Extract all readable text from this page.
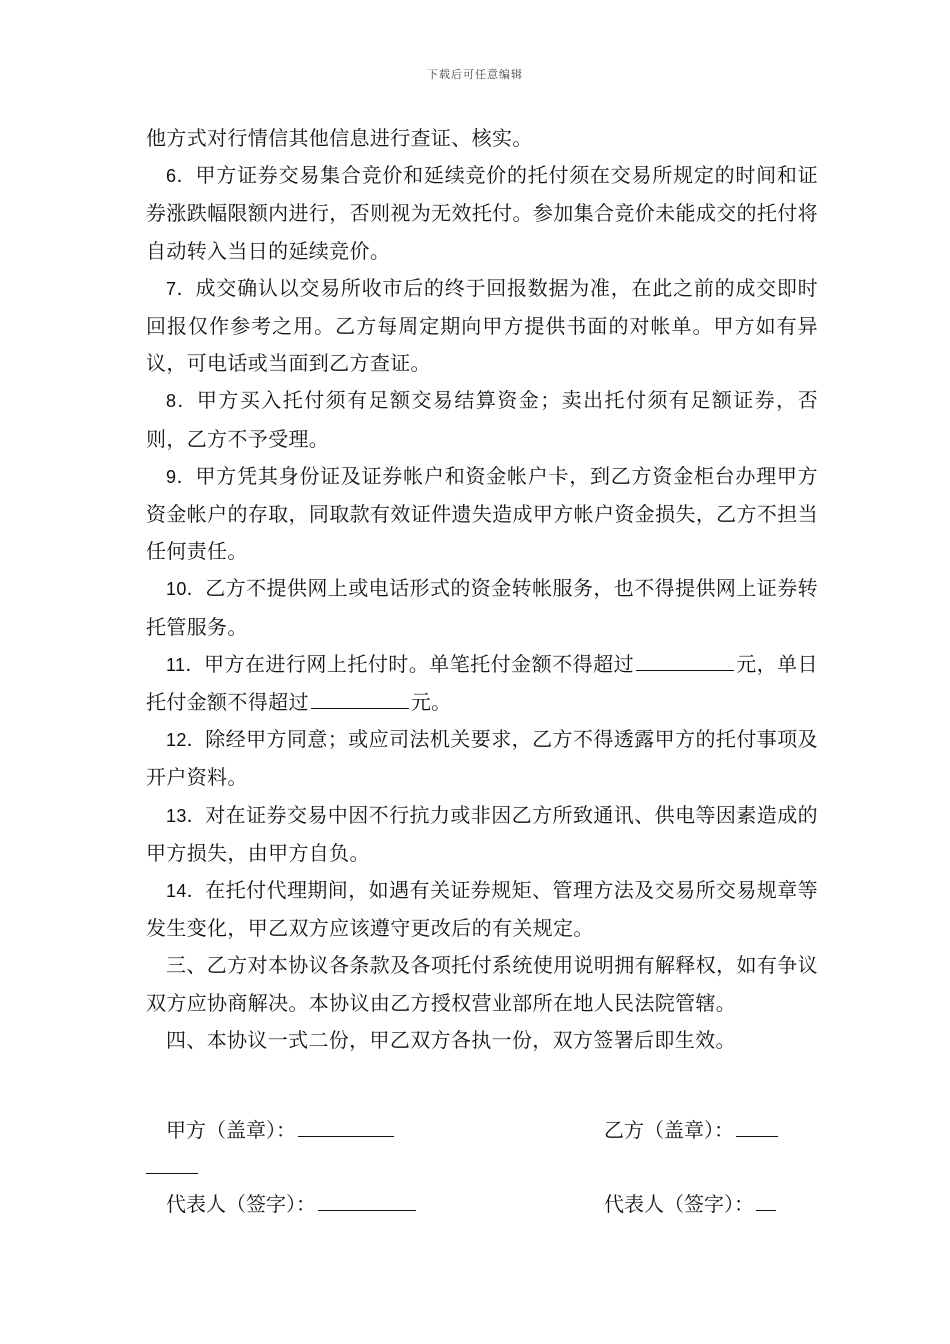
下载后可任意编辑

他方式对行情信其他信息进行查证、核实。

6．甲方证券交易集合竞价和延续竞价的托付须在交易所规定的时间和证券涨跌幅限额内进行，否则视为无效托付。参加集合竞价未能成交的托付将自动转入当日的延续竞价。

7．成交确认以交易所收市后的终于回报数据为准，在此之前的成交即时回报仅作参考之用。乙方每周定期向甲方提供书面的对帐单。甲方如有异议，可电话或当面到乙方查证。

8．甲方买入托付须有足额交易结算资金；卖出托付须有足额证券，否则，乙方不予受理。

9．甲方凭其身份证及证券帐户和资金帐户卡，到乙方资金柜台办理甲方资金帐户的存取，同取款有效证件遗失造成甲方帐户资金损失，乙方不担当任何责任。

10．乙方不提供网上或电话形式的资金转帐服务，也不得提供网上证券转托管服务。

11．甲方在进行网上托付时。单笔托付金额不得超过	元，单日托付金额不得超过	元。

12．除经甲方同意；或应司法机关要求，乙方不得透露甲方的托付事项及开户资料。

13．对在证券交易中因不行抗力或非因乙方所致通讯、供电等因素造成的甲方损失，由甲方自负。

14．在托付代理期间，如遇有关证券规矩、管理方法及交易所交易规章等发生变化，甲乙双方应该遵守更改后的有关规定。

三、乙方对本协议各条款及各项托付系统使用说明拥有解释权，如有争议双方应协商解决。本协议由乙方授权营业部所在地人民法院管辖。

四、本协议一式二份，甲乙双方各执一份，双方签署后即生效。

甲方（盖章）：	乙方（盖章）：
代表人（签字）：	代表人（签字）：
